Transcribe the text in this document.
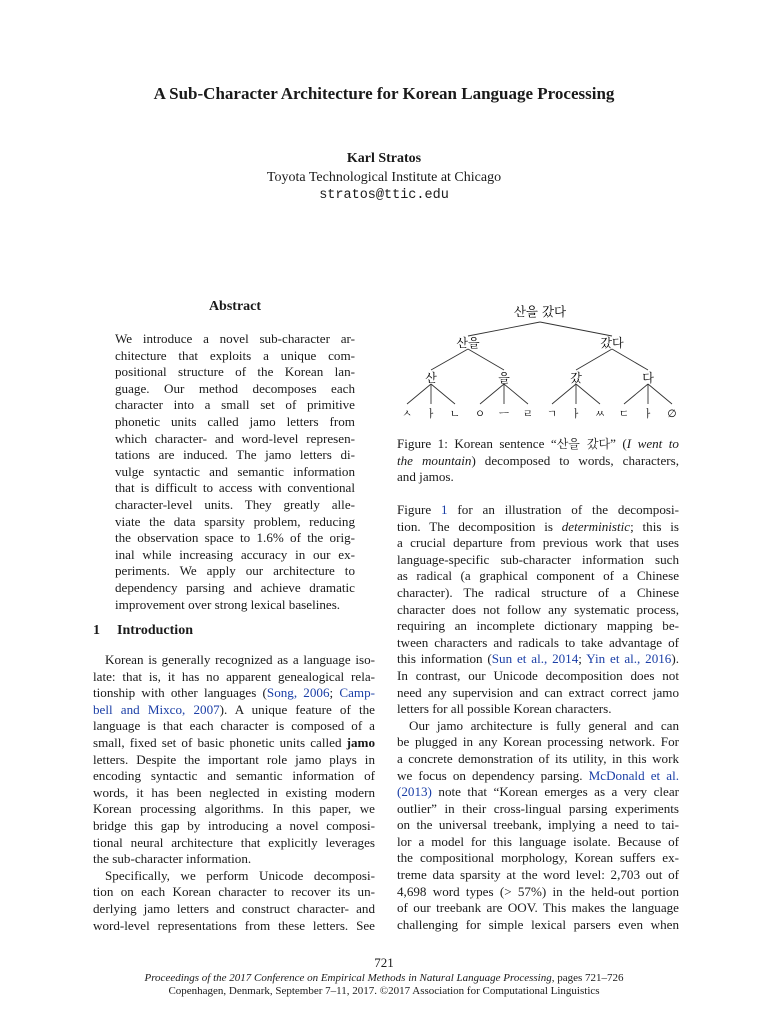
A Sub-Character Architecture for Korean Language Processing
Karl Stratos
Toyota Technological Institute at Chicago
stratos@ttic.edu
Abstract
We introduce a novel sub-character ar-
chitecture that exploits a unique com-
positional structure of the Korean lan-
guage. Our method decomposes each
character into a small set of primitive
phonetic units called jamo letters from
which character- and word-level represen-
tations are induced. The jamo letters di-
vulge syntactic and semantic information
that is difficult to access with conventional
character-level units. They greatly alle-
viate the data sparsity problem, reducing
the observation space to 1.6% of the orig-
inal while increasing accuracy in our ex-
periments. We apply our architecture to
dependency parsing and achieve dramatic
improvement over strong lexical baselines.
1 Introduction
Korean is generally recognized as a language iso-
late: that is, it has no apparent genealogical rela-
tionship with other languages (Song, 2006; Camp-
bell and Mixco, 2007). A unique feature of the
language is that each character is composed of a
small, fixed set of basic phonetic units called jamo
letters. Despite the important role jamo plays in
encoding syntactic and semantic information of
words, it has been neglected in existing modern
Korean processing algorithms. In this paper, we
bridge this gap by introducing a novel composi-
tional neural architecture that explicitly leverages
the sub-character information.
Specifically, we perform Unicode decomposi-
tion on each Korean character to recover its un-
derlying jamo letters and construct character- and
word-level representations from these letters. See
산을 갔다
산을	갔다
산	을	갔	다
ㅅ ㅏ ㄴ ㅇ ㅡ ㄹ ㄱ ㅏ ㅆ ㄷ ㅏ ∅
Figure 1: Korean sentence “산을 갔다” (I went to
the mountain) decomposed to words, characters,
and jamos.
Figure 1 for an illustration of the decomposi-
tion. The decomposition is deterministic; this is
a crucial departure from previous work that uses
language-specific sub-character information such
as radical (a graphical component of a Chinese
character). The radical structure of a Chinese
character does not follow any systematic process,
requiring an incomplete dictionary mapping be-
tween characters and radicals to take advantage of
this information (Sun et al., 2014; Yin et al., 2016).
In contrast, our Unicode decomposition does not
need any supervision and can extract correct jamo
letters for all possible Korean characters.
Our jamo architecture is fully general and can
be plugged in any Korean processing network. For
a concrete demonstration of its utility, in this work
we focus on dependency parsing. McDonald et al.
(2013) note that “Korean emerges as a very clear
outlier” in their cross-lingual parsing experiments
on the universal treebank, implying a need to tai-
lor a model for this language isolate. Because of
the compositional morphology, Korean suffers ex-
treme data sparsity at the word level: 2,703 out of
4,698 word types (> 57%) in the held-out portion
of our treebank are OOV. This makes the language
challenging for simple lexical parsers even when
721
Proceedings of the 2017 Conference on Empirical Methods in Natural Language Processing, pages 721–726
Copenhagen, Denmark, September 7–11, 2017. ©2017 Association for Computational Linguistics
